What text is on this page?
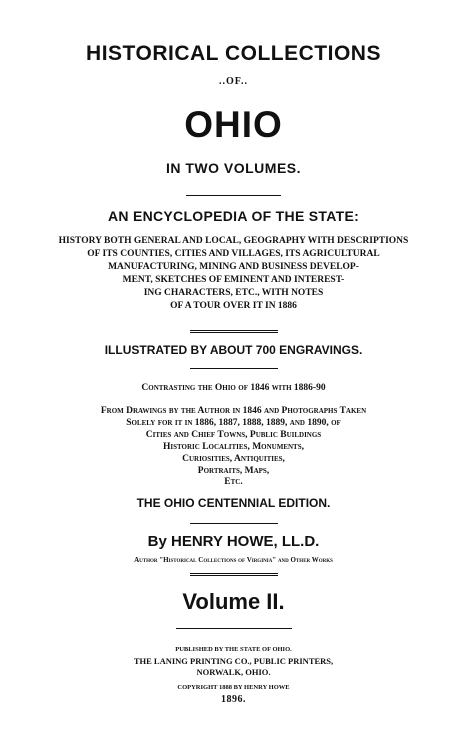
HISTORICAL COLLECTIONS
..OF..
OHIO
IN TWO VOLUMES.
AN ENCYCLOPEDIA OF THE STATE:
HISTORY BOTH GENERAL AND LOCAL, GEOGRAPHY WITH DESCRIPTIONS
OF ITS COUNTIES, CITIES AND VILLAGES, ITS AGRICULTURAL
MANUFACTURING, MINING AND BUSINESS DEVELOP-
MENT, SKETCHES OF EMINENT AND INTEREST-
ING CHARACTERS, ETC., WITH NOTES
OF A TOUR OVER IT IN 1886
ILLUSTRATED BY ABOUT 700 ENGRAVINGS.
Contrasting the Ohio of 1846 with 1886-90
From Drawings by the Author in 1846 and Photographs Taken
Solely for it in 1886, 1887, 1888, 1889, and 1890, of
Cities and Chief Towns, Public Buildings
Historic Localities, Monuments,
Curiosities, Antiquities,
Portraits, Maps,
Etc.
THE OHIO CENTENNIAL EDITION.
By HENRY HOWE, LL.D.
Author "Historical Collections of Virginia" and Other Works
Volume II.
PUBLISHED BY THE STATE OF OHIO.
THE LANING PRINTING CO., PUBLIC PRINTERS,
NORWALK, OHIO.
COPYRIGHT 1888 BY HENRY HOWE
1896.
